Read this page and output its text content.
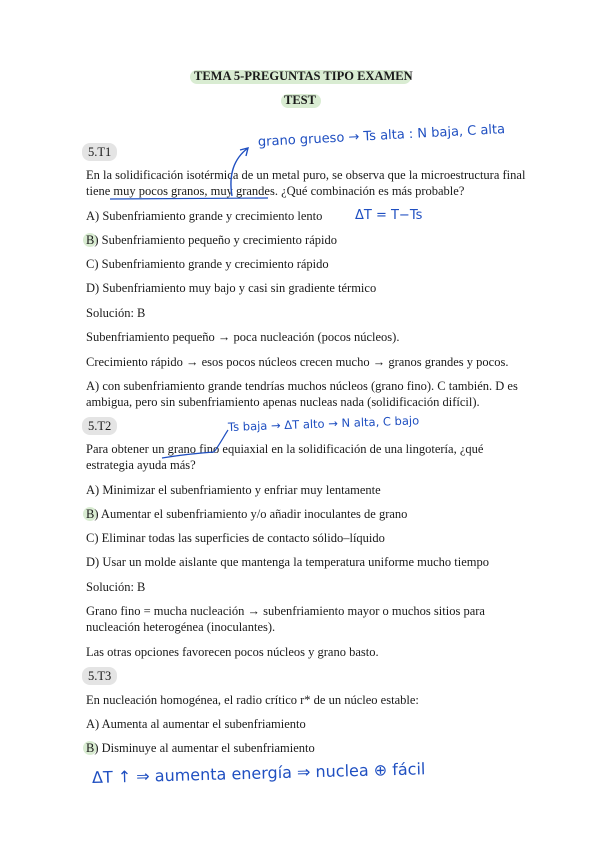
TEMA 5-PREGUNTAS TIPO EXAMEN
TEST
5.T1
En la solidificación isotérmica de un metal puro, se observa que la microestructura final
tiene muy pocos granos, muy grandes. ¿Qué combinación es más probable?
A) Subenfriamiento grande y crecimiento lento
B) Subenfriamiento pequeño y crecimiento rápido
C) Subenfriamiento grande y crecimiento rápido
D) Subenfriamiento muy bajo y casi sin gradiente térmico
Solución: B
Subenfriamiento pequeño → poca nucleación (pocos núcleos).
Crecimiento rápido → esos pocos núcleos crecen mucho → granos grandes y pocos.
A) con subenfriamiento grande tendrías muchos núcleos (grano fino). C también. D es
ambigua, pero sin subenfriamiento apenas nucleas nada (solidificación difícil).
grano grueso → Ts alta : N baja, C alta
ΔT = T−Ts
5.T2
Para obtener un grano fino equiaxial en la solidificación de una lingotería, ¿qué
estrategia ayuda más?
A) Minimizar el subenfriamiento y enfriar muy lentamente
B) Aumentar el subenfriamiento y/o añadir inoculantes de grano
C) Eliminar todas las superficies de contacto sólido–líquido
D) Usar un molde aislante que mantenga la temperatura uniforme mucho tiempo
Solución: B
Grano fino = mucha nucleación → subenfriamiento mayor o muchos sitios para
nucleación heterogénea (inoculantes).
Las otras opciones favorecen pocos núcleos y grano basto.
Ts baja → ΔT alto → N alta, C bajo
5.T3
En nucleación homogénea, el radio crítico r* de un núcleo estable:
A) Aumenta al aumentar el subenfriamiento
B) Disminuye al aumentar el subenfriamiento
ΔT ↑ ⇒ aumenta energía ⇒ nuclea ⊕ fácil
